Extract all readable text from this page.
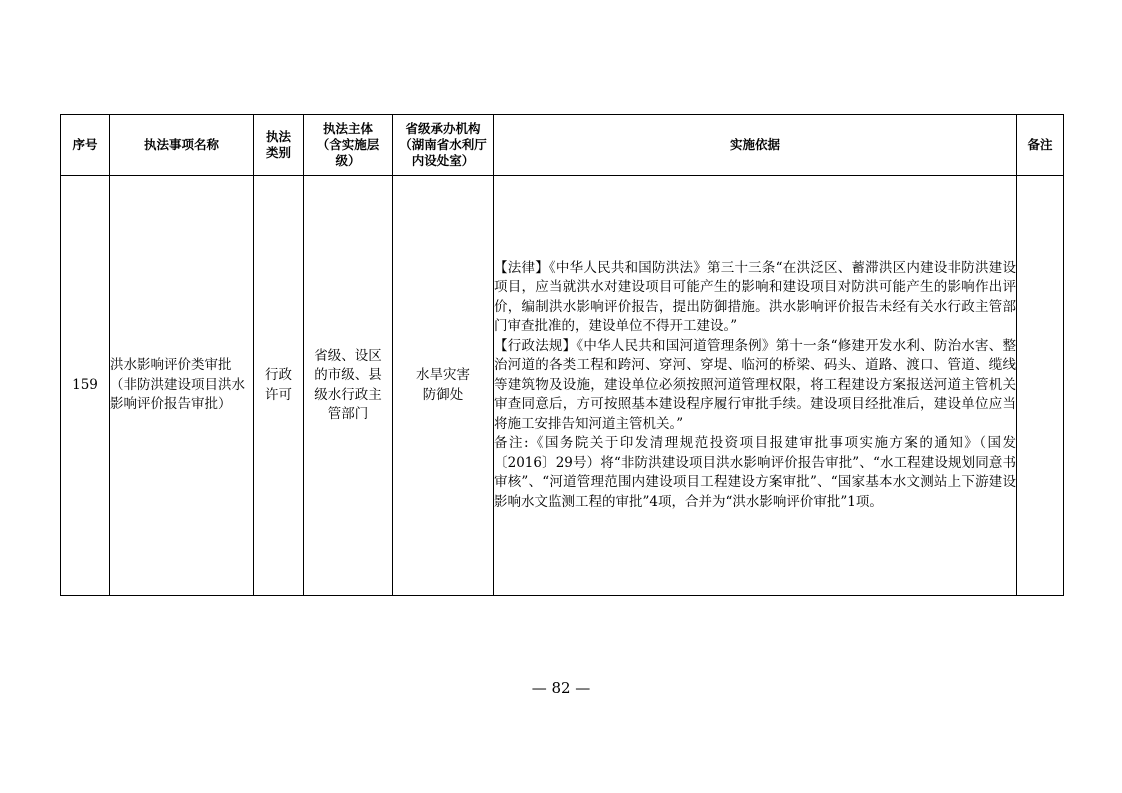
序号	执法事项名称	执法类别	执法主体（含实施层级）	省级承办机构（湖南省水利厅内设处室）	实施依据	备注
159	洪水影响评价类审批（非防洪建设项目洪水影响评价报告审批）	行政许可	省级、设区的市级、县级水行政主管部门	水旱灾害防御处	【法律】《中华人民共和国防洪法》第三十三条“在洪泛区、蓄滞洪区内建设非防洪建设项目，应当就洪水对建设项目可能产生的影响和建设项目对防洪可能产生的影响作出评价，编制洪水影响评价报告，提出防御措施。洪水影响评价报告未经有关水行政主管部门审查批准的，建设单位不得开工建设。”

【行政法规】《中华人民共和国河道管理条例》第十一条“修建开发水利、防治水害、整治河道的各类工程和跨河、穿河、穿堤、临河的桥梁、码头、道路、渡口、管道、缆线等建筑物及设施，建设单位必须按照河道管理权限，将工程建设方案报送河道主管机关审查同意后，方可按照基本建设程序履行审批手续。建设项目经批准后，建设单位应当将施工安排告知河道主管机关。”

备注:《国务院关于印发清理规范投资项目报建审批事项实施方案的通知》（国发〔2016〕29号）将“非防洪建设项目洪水影响评价报告审批”、“水工程建设规划同意书审核”、“河道管理范围内建设项目工程建设方案审批”、“国家基本水文测站上下游建设影响水文监测工程的审批”4项，合并为“洪水影响评价审批”1项。	

— 82 —
